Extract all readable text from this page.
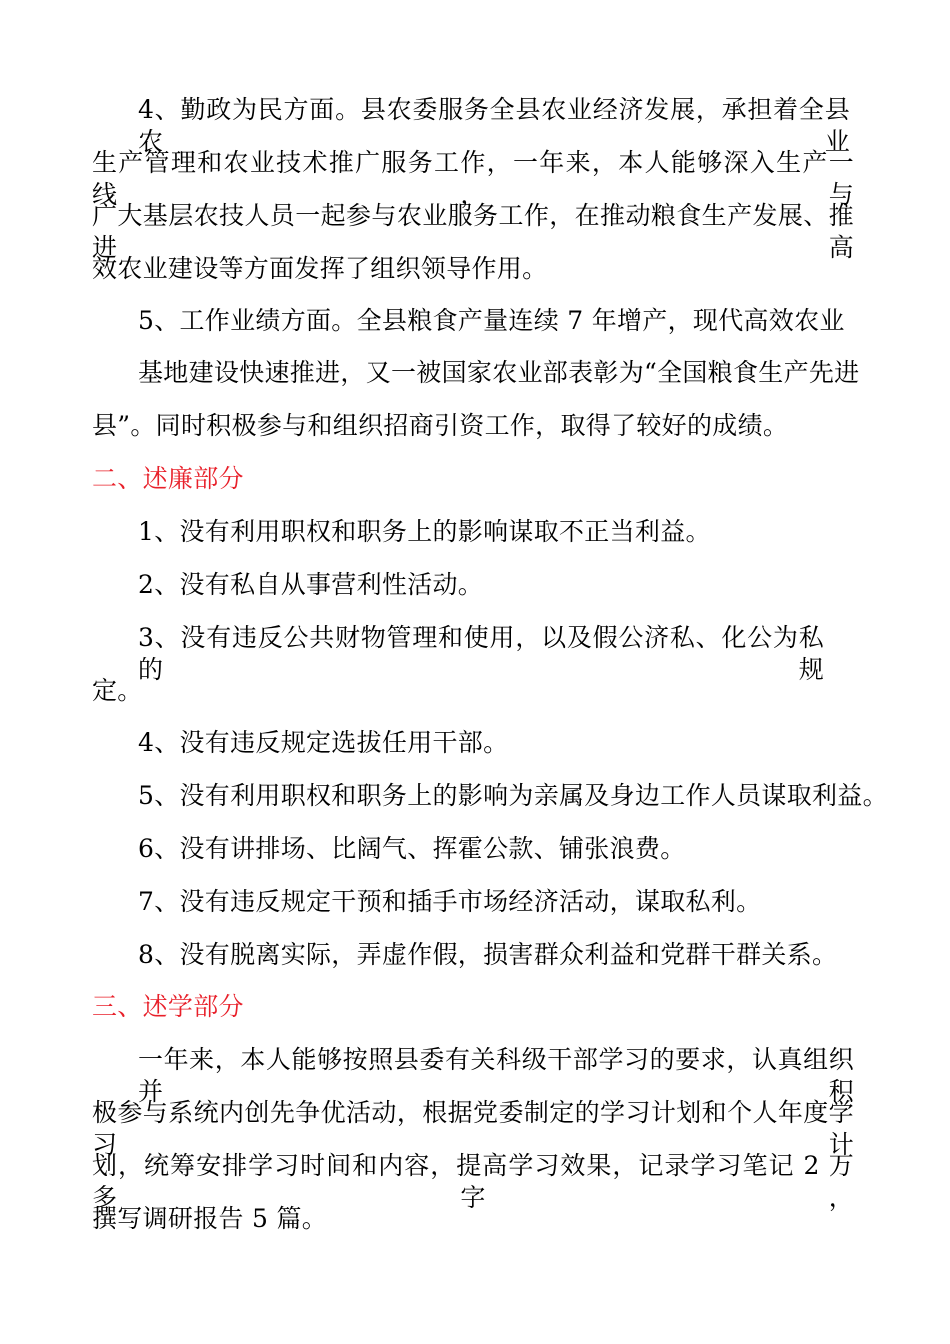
4、勤政为民方面。县农委服务全县农业经济发展，承担着全县农业
生产管理和农业技术推广服务工作，一年来，本人能够深入生产一线，与
广大基层农技人员一起参与农业服务工作，在推动粮食生产发展、推进高
效农业建设等方面发挥了组织领导作用。
5、工作业绩方面。全县粮食产量连续 7 年增产，现代高效农业
基地建设快速推进，又一被国家农业部表彰为“全国粮食生产先进
县”。同时积极参与和组织招商引资工作，取得了较好的成绩。
二、述廉部分
1、没有利用职权和职务上的影响谋取不正当利益。
2、没有私自从事营利性活动。
3、没有违反公共财物管理和使用，以及假公济私、化公为私的规
定。
4、没有违反规定选拔任用干部。
5、没有利用职权和职务上的影响为亲属及身边工作人员谋取利益。
6、没有讲排场、比阔气、挥霍公款、铺张浪费。
7、没有违反规定干预和插手市场经济活动，谋取私利。
8、没有脱离实际，弄虚作假，损害群众利益和党群干群关系。
三、述学部分
一年来，本人能够按照县委有关科级干部学习的要求，认真组织并积
极参与系统内创先争优活动，根据党委制定的学习计划和个人年度学习计
划，统筹安排学习时间和内容，提高学习效果，记录学习笔记 2 万多字，
撰写调研报告 5 篇。
